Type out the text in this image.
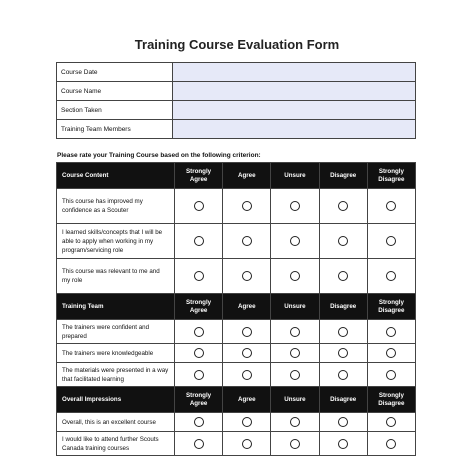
Training Course Evaluation Form
Course Date	
Course Name	
Section Taken	
Training Team Members	
Please rate your Training Course based on the following criterion:
Course Content	Strongly Agree	Agree	Unsure	Disagree	Strongly Disagree
This course has improved my confidence as a Scouter					
I learned skills/concepts that I will be able to apply when working in my program/servicing role					
This course was relevant to me and my role					
Training Team	Strongly Agree	Agree	Unsure	Disagree	Strongly Disagree
The trainers were confident and prepared					
The trainers were knowledgeable					
The materials were presented in a way that facilitated learning					
Overall Impressions	Strongly Agree	Agree	Unsure	Disagree	Strongly Disagree
Overall, this is an excellent course					
I would like to attend further Scouts Canada training courses					
